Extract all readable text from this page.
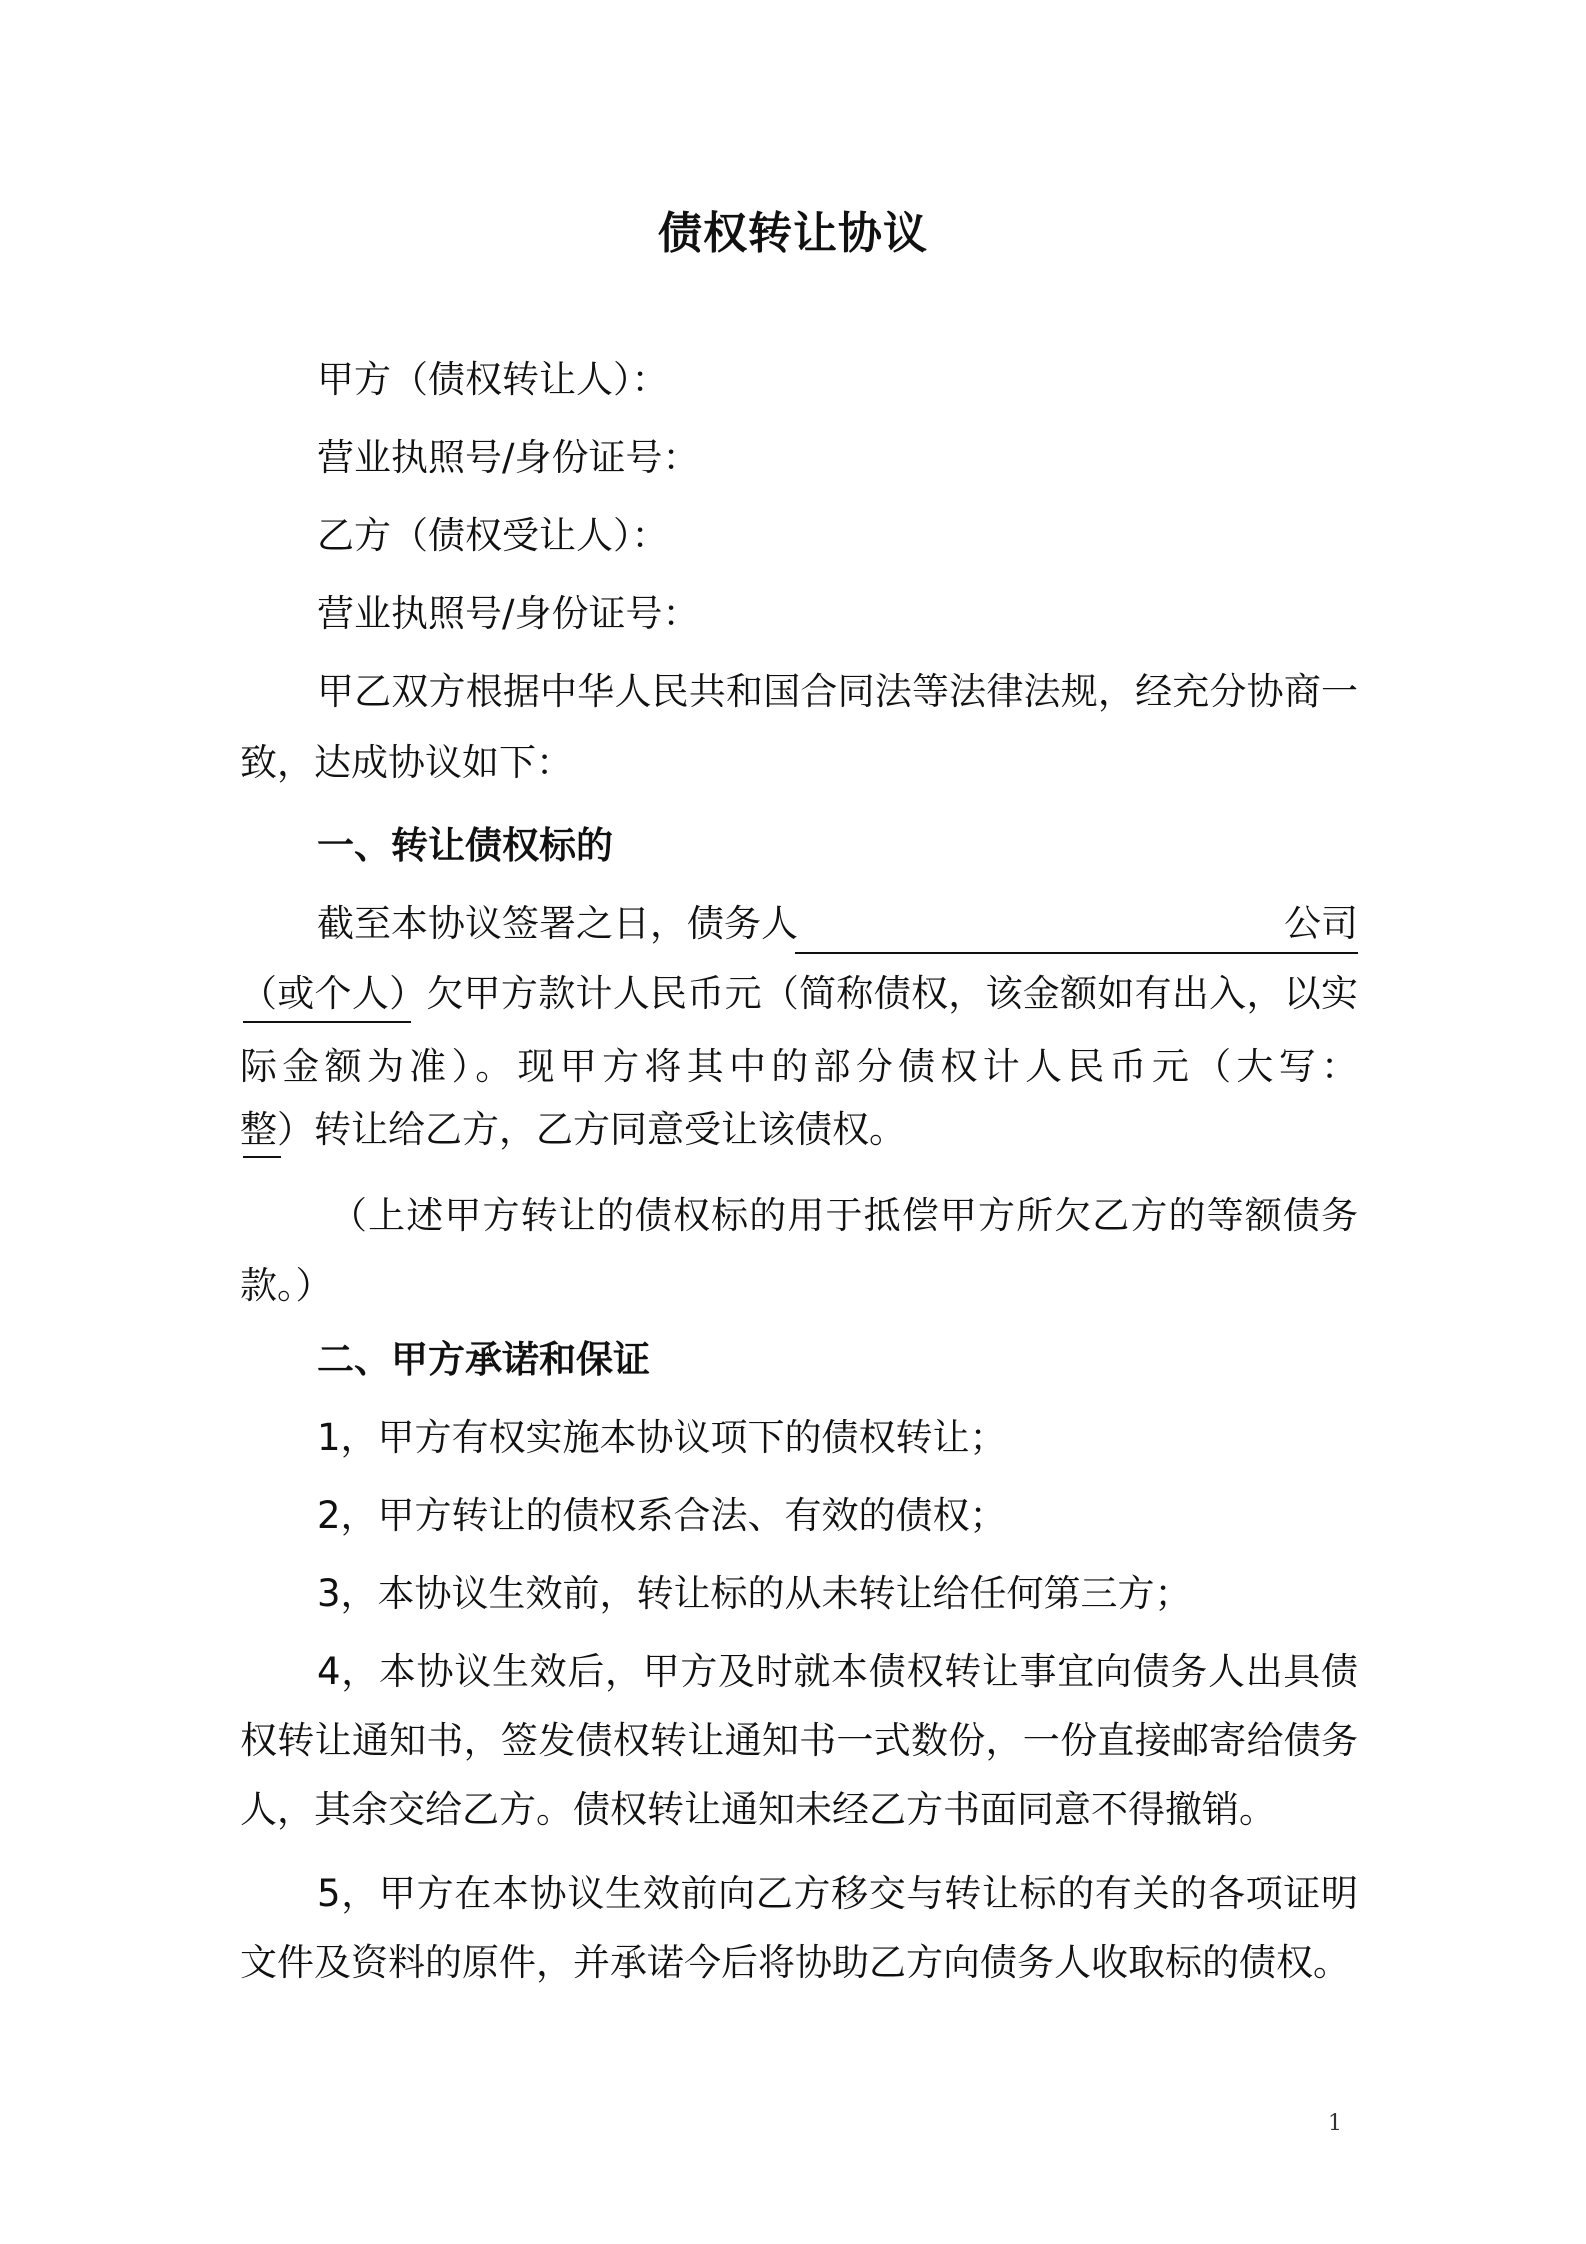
债权转让协议
甲方（债权转让人）：
营业执照号/身份证号：
乙方（债权受让人）：
营业执照号/身份证号：
甲乙双方根据中华人民共和国合同法等法律法规，经充分协商一
致，达成协议如下：
一、转让债权标的
截至本协议签署之日，债务人	公司
（或个人）欠甲方款计人民币元（简称债权，该金额如有出入，以实
际金额为准）。现甲方将其中的部分债权计人民币元（大写：
整）转让给乙方，乙方同意受让该债权。
（上述甲方转让的债权标的用于抵偿甲方所欠乙方的等额债务
款。）
二、甲方承诺和保证
1，甲方有权实施本协议项下的债权转让；
2，甲方转让的债权系合法、有效的债权；
3，本协议生效前，转让标的从未转让给任何第三方；
4，本协议生效后，甲方及时就本债权转让事宜向债务人出具债
权转让通知书，签发债权转让通知书一式数份，一份直接邮寄给债务
人，其余交给乙方。债权转让通知未经乙方书面同意不得撤销。
5，甲方在本协议生效前向乙方移交与转让标的有关的各项证明
文件及资料的原件，并承诺今后将协助乙方向债务人收取标的债权。
1
